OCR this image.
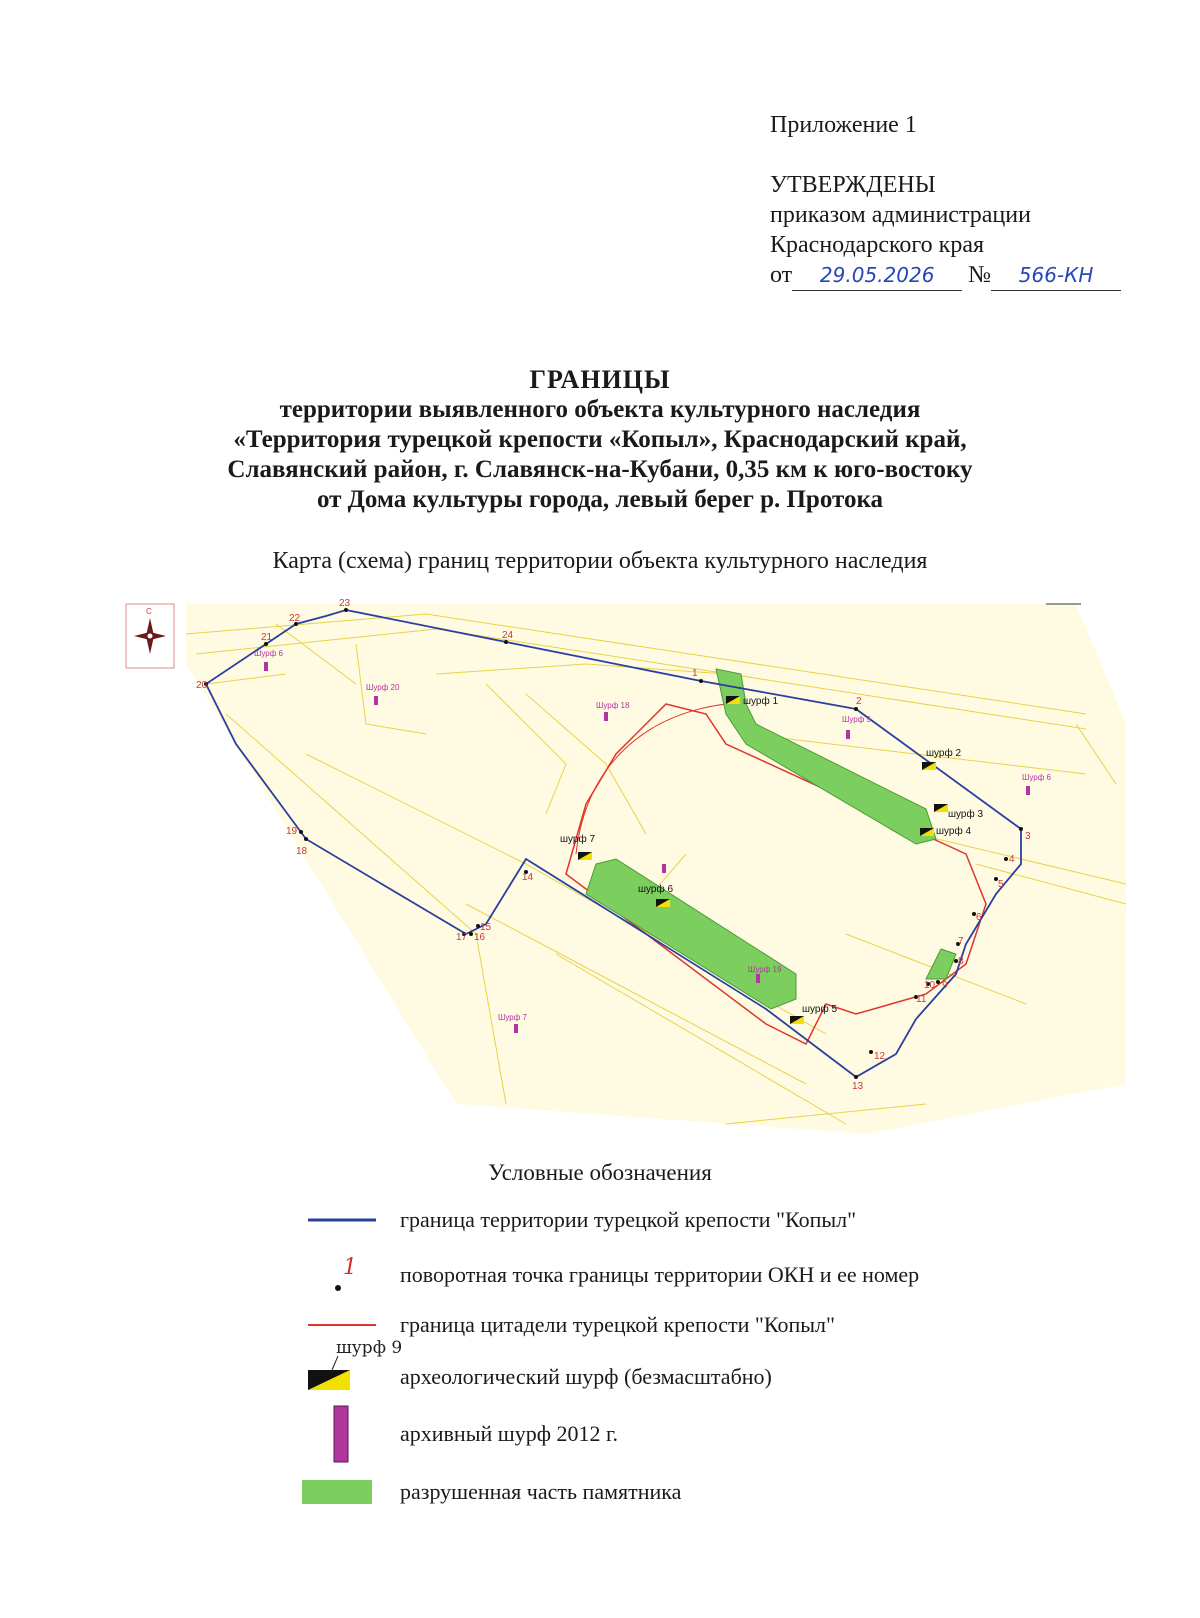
Приложение 1
УТВЕРЖДЕНЫ
приказом администрации
Краснодарского края
от 29.05.2026 № 566-КН
ГРАНИЦЫ
территории выявленного объекта культурного наследия
«Территория турецкой крепости «Копыл», Краснодарский край,
Славянский район, г. Славянск-на-Кубани, 0,35 км к юго-востоку
от Дома культуры города, левый берег р. Протока
Карта (схема) границ территории объекта культурного наследия
1
2
3
4
5
6
7
8
9
10
11
12
13
14
15
16
17
18
19
20
21
22
23
24
шурф 1
шурф 2
шурф 3
шурф 4
шурф 5
шурф 6
шурф 7
Шурф 6
Шурф 5
Шурф 6
Шурф 20
Шурф 18
Шурф 19
Шурф 7
С
Условные обозначения
граница территории турецкой крепости "Копыл"
1 поворотная точка границы территории ОКН и ее номер
граница цитадели турецкой крепости "Копыл"
шурф 9
археологический шурф (безмасштабно)
архивный шурф 2012 г.
разрушенная часть памятника
